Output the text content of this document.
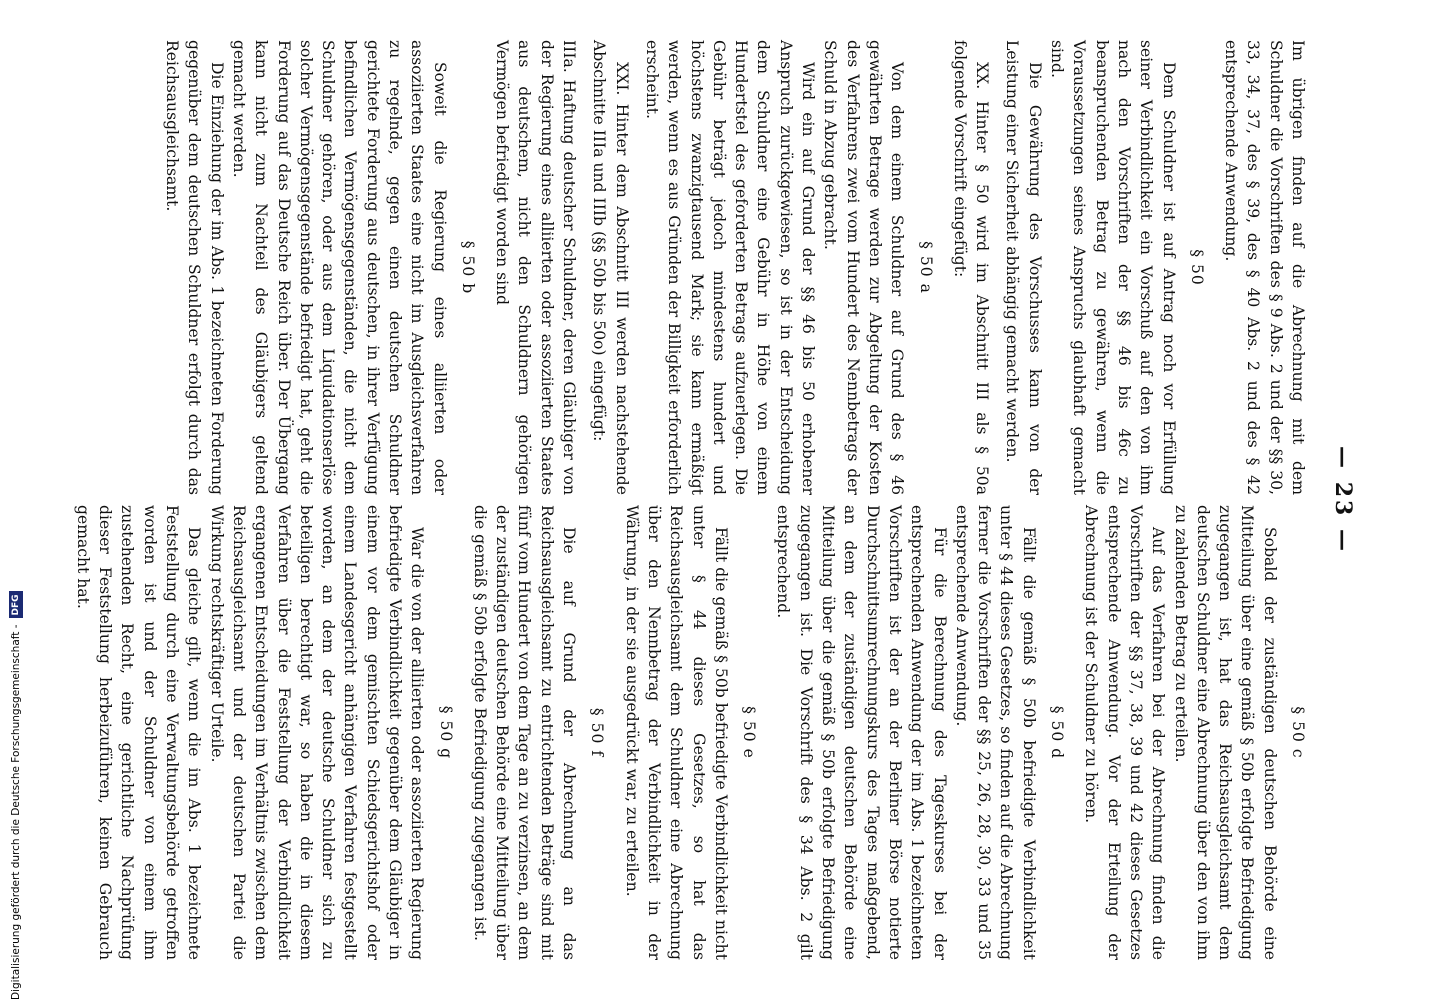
— 23 —

Im übrigen finden auf die Abrechnung mit dem Schuldner die Vorschriften des § 9 Abs. 2 und der §§ 30, 33, 34, 37, des § 39, des § 40 Abs. 2 und des § 42 entsprechende Anwendung.

§ 50

Dem Schuldner ist auf Antrag noch vor Erfüllung seiner Verbindlichkeit ein Vorschuß auf den von ihm nach den Vorschriften der §§ 46 bis 46c zu beanspruchenden Betrag zu gewähren, wenn die Voraussetzungen seines Anspruchs glaubhaft gemacht sind.

Die Gewährung des Vorschusses kann von der Leistung einer Sicherheit abhängig gemacht werden.

XX. Hinter § 50 wird im Abschnitt III als § 50a folgende Vorschrift eingefügt:

§ 50 a

Von dem einem Schuldner auf Grund des § 46 gewährten Betrage werden zur Abgeltung der Kosten des Verfahrens zwei vom Hundert des Nennbetrags der Schuld in Abzug gebracht.

Wird ein auf Grund der §§ 46 bis 50 erhobener Anspruch zurückgewiesen, so ist in der Entscheidung dem Schuldner eine Gebühr in Höhe von einem Hundertstel des geforderten Betrags aufzuerlegen. Die Gebühr beträgt jedoch mindestens hundert und höchstens zwanzigtausend Mark; sie kann ermäßigt werden, wenn es aus Gründen der Billigkeit erforderlich erscheint.

XXI. Hinter dem Abschnitt III werden nachstehende Abschnitte IIIa und IIIb (§§ 50b bis 50o) eingefügt:

IIIa. Haftung deutscher Schuldner, deren Gläubiger von der Regierung eines alliierten oder assoziierten Staates aus deutschem, nicht den Schuldnern gehörigen Vermögen befriedigt worden sind

§ 50 b

Soweit die Regierung eines alliierten oder assoziierten Staates eine nicht im Ausgleichsverfahren zu regelnde, gegen einen deutschen Schuldner gerichtete Forderung aus deutschen, in ihrer Verfügung befindlichen Vermögensgegenständen, die nicht dem Schuldner gehören, oder aus dem Liquidationserlöse solcher Vermögensgegenstände befriedigt hat, geht die Forderung auf das Deutsche Reich über. Der Übergang kann nicht zum Nachteil des Gläubigers geltend gemacht werden.

Die Einziehung der im Abs. 1 bezeichneten Forderung gegenüber dem deutschen Schuldner erfolgt durch das Reichsausgleichsamt.

§ 50 c

Sobald der zuständigen deutschen Behörde eine Mitteilung über eine gemäß § 50b erfolgte Befriedigung zugegangen ist, hat das Reichsausgleichsamt dem deutschen Schuldner eine Abrechnung über den von ihm zu zahlenden Betrag zu erteilen.

Auf das Verfahren bei der Abrechnung finden die Vorschriften der §§ 37, 38, 39 und 42 dieses Gesetzes entsprechende Anwendung. Vor der Erteilung der Abrechnung ist der Schuldner zu hören.

§ 50 d

Fällt die gemäß § 50b befriedigte Verbindlichkeit unter § 44 dieses Gesetzes, so finden auf die Abrechnung ferner die Vorschriften der §§ 25, 26, 28, 30, 33 und 35 entsprechende Anwendung.

Für die Berechnung des Tageskurses bei der entsprechenden Anwendung der im Abs. 1 bezeichneten Vorschriften ist der an der Berliner Börse notierte Durchschnittsumrechnungskurs des Tages maßgebend, an dem der zuständigen deutschen Behörde eine Mitteilung über die gemäß § 50b erfolgte Befriedigung zugegangen ist. Die Vorschrift des § 34 Abs. 2 gilt entsprechend.

§ 50 e

Fällt die gemäß § 50b befriedigte Verbindlichkeit nicht unter § 44 dieses Gesetzes, so hat das Reichsausgleichsamt dem Schuldner eine Abrechnung über den Nennbetrag der Verbindlichkeit in der Währung, in der sie ausgedrückt war, zu erteilen.

§ 50 f

Die auf Grund der Abrechnung an das Reichsausgleichsamt zu entrichtenden Beträge sind mit fünf vom Hundert von dem Tage an zu verzinsen, an dem der zuständigen deutschen Behörde eine Mitteilung über die gemäß § 50b erfolgte Befriedigung zugegangen ist.

§ 50 g

War die von der alliierten oder assoziierten Regierung befriedigte Verbindlichkeit gegenüber dem Gläubiger in einem vor dem gemischten Schiedsgerichtshof oder einem Landesgericht anhängigen Verfahren festgestellt worden, an dem der deutsche Schuldner sich zu beteiligen berechtigt war, so haben die in diesem Verfahren über die Feststellung der Verbindlichkeit ergangenen Entscheidungen im Verhältnis zwischen dem Reichsausgleichsamt und der deutschen Partei die Wirkung rechtskräftiger Urteile.

Das gleiche gilt, wenn die im Abs. 1 bezeichnete Feststellung durch eine Verwaltungsbehörde getroffen worden ist und der Schuldner von einem ihm zustehenden Recht, eine gerichtliche Nachprüfung dieser Feststellung herbeizuführen, keinen Gebrauch gemacht hat.

Digitalisierung gefördert durch die Deutsche Forschungsgemeinschaft -
DFG
